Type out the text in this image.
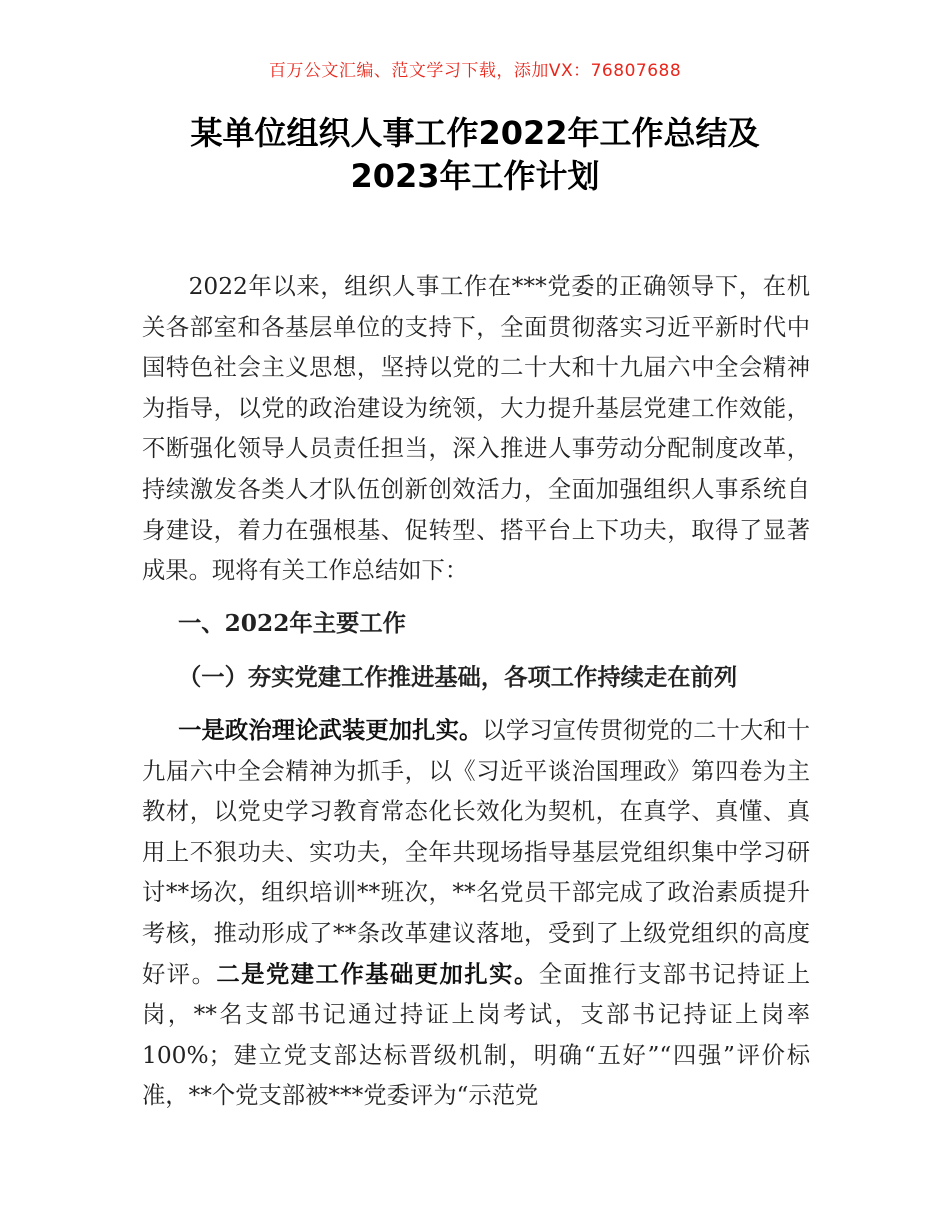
百万公文汇编、范文学习下载，添加VX：76807688
某单位组织人事工作2022年工作总结及
2023年工作计划

2022年以来，组织人事工作在***党委的正确领导下，在机关各部室和各基层单位的支持下，全面贯彻落实习近平新时代中国特色社会主义思想，坚持以党的二十大和十九届六中全会精神为指导，以党的政治建设为统领，大力提升基层党建工作效能，不断强化领导人员责任担当，深入推进人事劳动分配制度改革，持续激发各类人才队伍创新创效活力，全面加强组织人事系统自身建设，着力在强根基、促转型、搭平台上下功夫，取得了显著成果。现将有关工作总结如下：

一、2022年主要工作

（一）夯实党建工作推进基础，各项工作持续走在前列

一是政治理论武装更加扎实。以学习宣传贯彻党的二十大和十九届六中全会精神为抓手，以《习近平谈治国理政》第四卷为主教材，以党史学习教育常态化长效化为契机，在真学、真懂、真用上不狠功夫、实功夫，全年共现场指导基层党组织集中学习研讨**场次，组织培训**班次，**名党员干部完成了政治素质提升考核，推动形成了**条改革建议落地，受到了上级党组织的高度好评。二是党建工作基础更加扎实。全面推行支部书记持证上岗，**名支部书记通过持证上岗考试，支部书记持证上岗率100%；建立党支部达标晋级机制，明确“五好”“四强”评价标准，**个党支部被***党委评为“示范党
